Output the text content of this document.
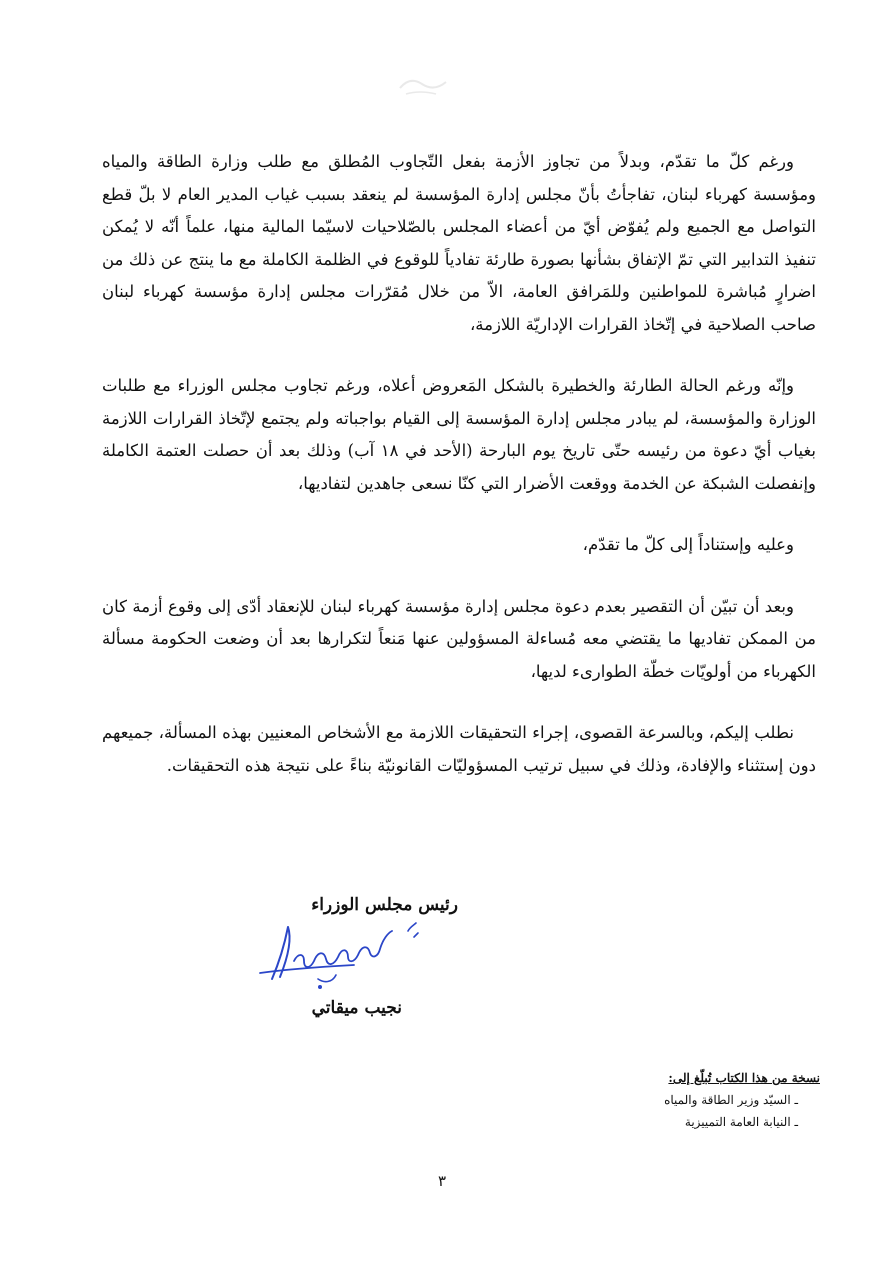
ورغم كلّ ما تقدّم، وبدلاً من تجاوز الأزمة بفعل التّجاوب المُطلق مع طلب وزارة الطاقة والمياه ومؤسسة كهرباء لبنان، تفاجأتُ بأنّ مجلس إدارة المؤسسة لم ينعقد بسبب غياب المدير العام لا بلّ قطع التواصل مع الجميع ولم يُفوّض أيّ من أعضاء المجلس بالصّلاحيات لاسيّما المالية منها، علماً أنّه لا يُمكن تنفيذ التدابير التي تمّ الإتفاق بشأنها بصورة طارئة تفادياً للوقوع في الظلمة الكاملة مع ما ينتج عن ذلك من اضرارٍ مُباشرة للمواطنين وللمَرافق العامة، الاّ من خلال مُقرّرات مجلس إدارة مؤسسة كهرباء لبنان صاحب الصلاحية في إتّخاذ القرارات الإداريّة اللازمة،

وإنّه ورغم الحالة الطارئة والخطيرة بالشكل المَعروض أعلاه، ورغم تجاوب مجلس الوزراء مع طلبات الوزارة والمؤسسة، لم يبادر مجلس إدارة المؤسسة إلى القيام بواجباته ولم يجتمع لإتّخاذ القرارات اللازمة بغياب أيّ دعوة من رئيسه حتّى تاريخ يوم البارحة (الأحد في ١٨ آب) وذلك بعد أن حصلت العتمة الكاملة وإنفصلت الشبكة عن الخدمة ووقعت الأضرار التي كنّا نسعى جاهدين لتفاديها،

وعليه وإستناداً إلى كلّ ما تقدّم،

وبعد أن تبيّن أن التقصير بعدم دعوة مجلس إدارة مؤسسة كهرباء لبنان للإنعقاد أدّى إلى وقوع أزمة كان من الممكن تفاديها ما يقتضي معه مُساءلة المسؤولين عنها مَنعاً لتكرارها بعد أن وضعت الحكومة مسألة الكهرباء من أولويّات خطّة الطوارىء لديها،

نطلب إليكم، وبالسرعة القصوى، إجراء التحقيقات اللازمة مع الأشخاص المعنيين بهذه المسألة، جميعهم دون إستثناء والإفادة، وذلك في سبيل ترتيب المسؤوليّات القانونيّة بناءً على نتيجة هذه التحقيقات.

رئيس مجلس الوزراء
نجيب ميقاتي

نسخة من هذا الكتاب تُبلّغ إلى:

ـ السيّد وزير الطاقة والمياه

ـ النيابة العامة التمييزية

٣
